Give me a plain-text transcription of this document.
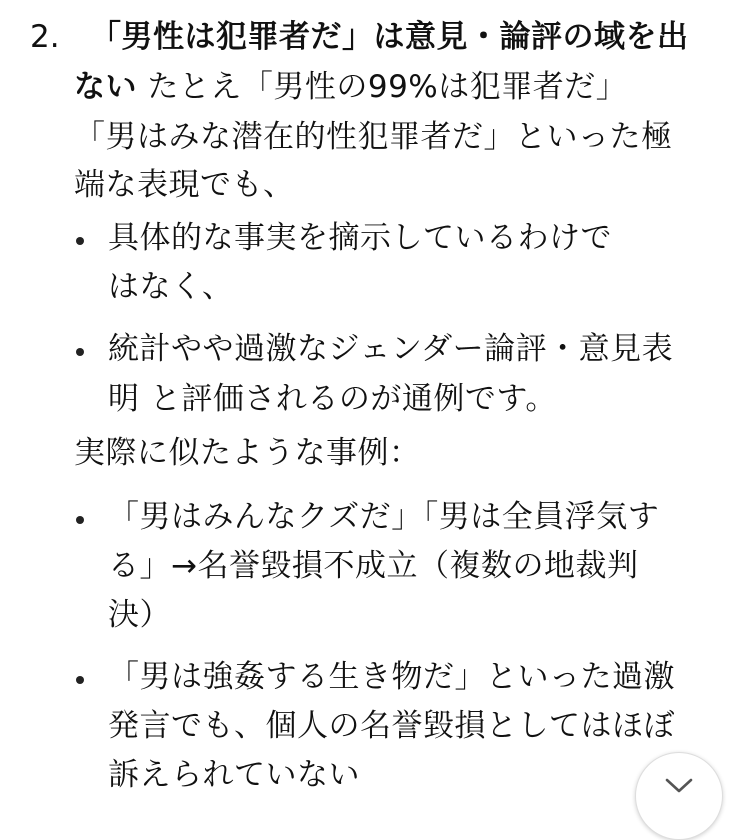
2. 「男性は犯罪者だ」は意見・論評の域を出
ない たとえ「男性の99%は犯罪者だ」
「男はみな潜在的性犯罪者だ」といった極
端な表現でも、
具体的な事実を摘示しているわけで
はなく、
統計やや過激なジェンダー論評・意見表
明 と評価されるのが通例です。
実際に似たような事例：
「男はみんなクズだ」「男は全員浮気す
る」→名誉毀損不成立（複数の地裁判
決）
「男は強姦する生き物だ」といった過激
発言でも、個人の名誉毀損としてはほぼ
訴えられていない
